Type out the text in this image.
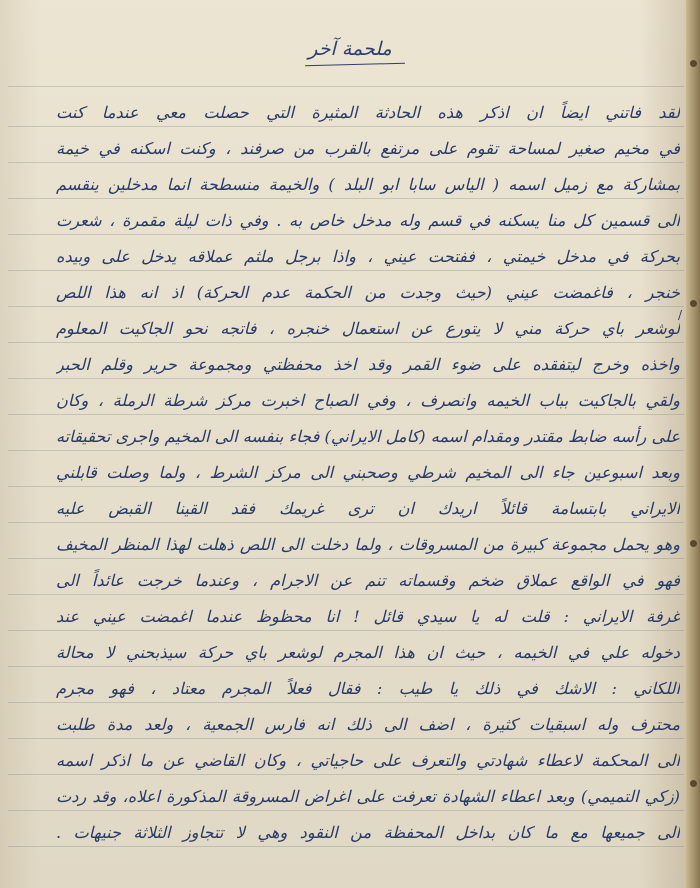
ملحمة آخر
/
لقد فاتني ايضاً ان اذكر هذه الحادثة المثيرة التي حصلت معي عندما كنت
في مخيم صغير لمساحة تقوم على مرتفع بالقرب من صرفند ، وكنت اسكنه في خيمة
بمشاركة مع زميل اسمه ( الياس سابا ابو البلد ) والخيمة منسطحة انما مدخلين ينقسم
الى قسمين كل منا يسكنه في قسم وله مدخل خاص به . وفي ذات ليلة مقمرة ، شعرت
بحركة في مدخل خيمتي ، ففتحت عيني ، واذا برجل ملثم عملاقه يدخل على وبيده
خنجر ، فاغمضت عيني (حيث وجدت من الحكمة عدم الحركة) اذ انه هذا اللص
لوشعر باي حركة مني لا يتورع عن استعمال خنجره ، فاتجه نحو الجاكيت المعلوم
واخذه وخرج ليتفقده على ضوء القمر وقد اخذ محفظتي ومجموعة حرير وقلم الحبر
ولقي بالجاكيت بباب الخيمه وانصرف ، وفي الصباح اخبرت مركز شرطة الرملة ، وكان
على رأسه ضابط مقتدر ومقدام اسمه (كامل الايراني) فجاء بنفسه الى المخيم واجرى تحقيقاته
وبعد اسبوعين جاء الى المخيم شرطي وصحبني الى مركز الشرط ، ولما وصلت قابلني
الايراني بابتسامة قائلاً اريدك ان ترى غريمك فقد القينا القبض عليه
وهو يحمل مجموعة كبيرة من المسروقات ، ولما دخلت الى اللص ذهلت لهذا المنظر المخيف
فهو في الواقع عملاق ضخم وقسماته تنم عن الاجرام ، وعندما خرجت عائداً الى
غرفة الايراني : قلت له يا سيدي قائل ! انا محظوظ عندما اغمضت عيني عند
دخوله علي في الخيمه ، حيث ان هذا المجرم لوشعر باي حركة سيذبحني لا محالة
اللكاني : الاشك في ذلك يا طيب : فقال فعلاً المجرم معتاد ، فهو مجرم
محترف وله اسبقيات كثيرة ، اضف الى ذلك انه فارس الجمعية ، ولعد مدة طلبت
الى المحكمة لاعطاء شهادتي والتعرف على حاجياتي ، وكان القاضي عن ما اذكر اسمه
(زكي التميمي) وبعد اعطاء الشهادة تعرفت على اغراض المسروقة المذكورة اعلاه، وقد ردت
الى جميعها مع ما كان بداخل المحفظة من النقود وهي لا تتجاوز الثلاثة جنيهات .
